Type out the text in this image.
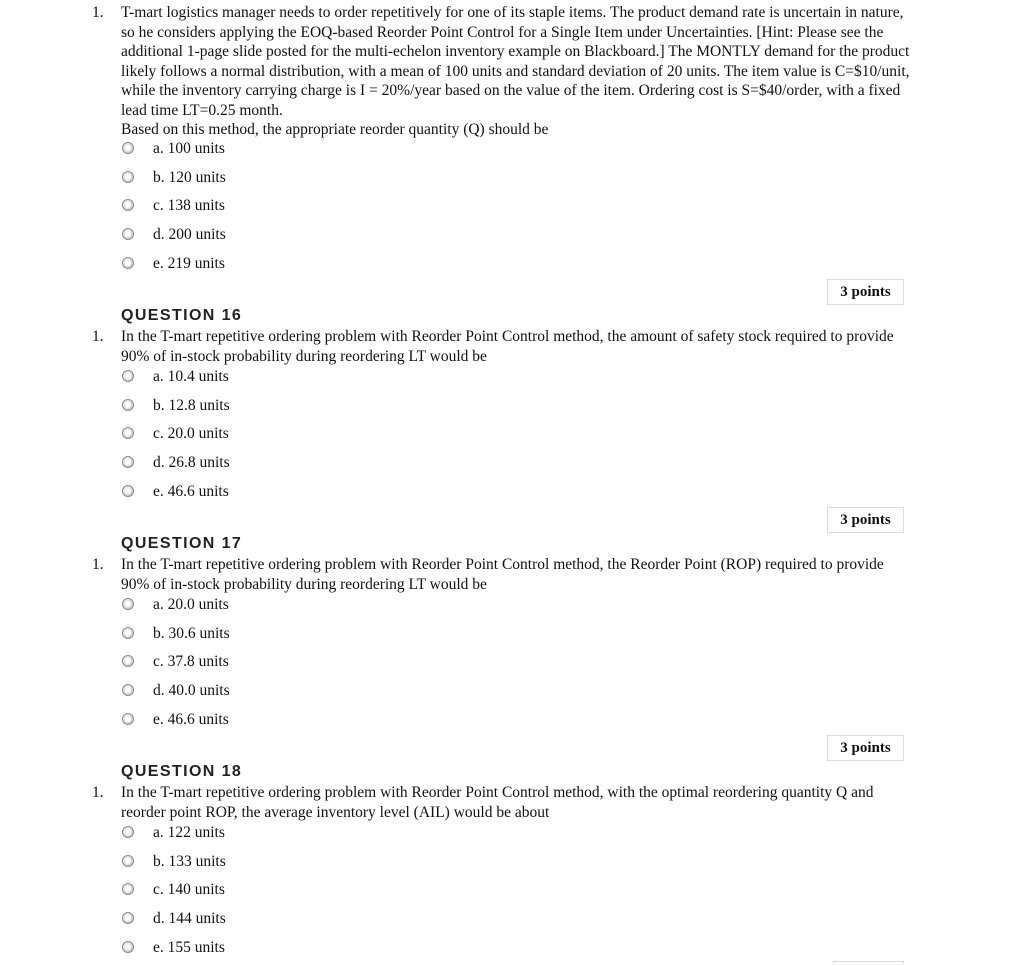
1. T-mart logistics manager needs to order repetitively for one of its staple items. The product demand rate is uncertain in nature, so he considers applying the EOQ-based Reorder Point Control for a Single Item under Uncertainties. [Hint: Please see the additional 1-page slide posted for the multi-echelon inventory example on Blackboard.] The MONTLY demand for the product likely follows a normal distribution, with a mean of 100 units and standard deviation of 20 units. The item value is C=$10/unit, while the inventory carrying charge is I = 20%/year based on the value of the item. Ordering cost is S=$40/order, with a fixed lead time LT=0.25 month.

Based on this method, the appropriate reorder quantity (Q) should be

a. 100 units
b. 120 units
c. 138 units
d. 200 units
e. 219 units
3 points
QUESTION 16
1. In the T-mart repetitive ordering problem with Reorder Point Control method, the amount of safety stock required to provide 90% of in-stock probability during reordering LT would be

a. 10.4 units
b. 12.8 units
c. 20.0 units
d. 26.8 units
e. 46.6 units
3 points
QUESTION 17
1. In the T-mart repetitive ordering problem with Reorder Point Control method, the Reorder Point (ROP) required to provide 90% of in-stock probability during reordering LT would be

a. 20.0 units
b. 30.6 units
c. 37.8 units
d. 40.0 units
e. 46.6 units
3 points
QUESTION 18
1. In the T-mart repetitive ordering problem with Reorder Point Control method, with the optimal reordering quantity Q and reorder point ROP, the average inventory level (AIL) would be about

a. 122 units
b. 133 units
c. 140 units
d. 144 units
e. 155 units
